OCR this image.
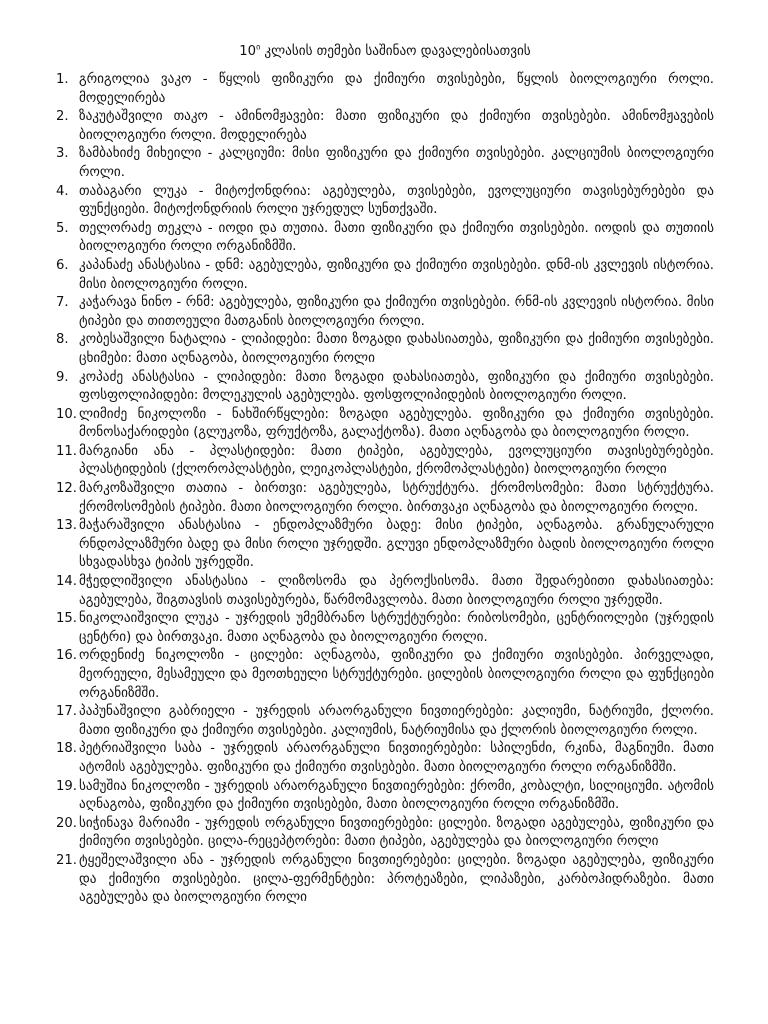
$10^ი$ კლასის თემები საშინაო დავალებისათვის
1. გრიგოლია ვაკო - წყლის ფიზიკური და ქიმიური თვისებები, წყლის ბიოლოგიური როლი. მოდელირება
2. ზაკუტაშვილი თაკო - ამინომჟავები: მათი ფიზიკური და ქიმიური თვისებები. ამინომჟავების ბიოლოგიური როლი. მოდელირება
3. ზამბახიძე მიხეილი - კალციუმი: მისი ფიზიკური და ქიმიური თვისებები. კალციუმის ბიოლოგიური როლი.
4. თაბაგარი ლუკა - მიტოქონდრია: აგებულება, თვისებები, ევოლუციური თავისებურებები და ფუნქციები. მიტოქონდრიის როლი უჯრედულ სუნთქვაში.
5. თელორაძე თეკლა - იოდი და თუთია. მათი ფიზიკური და ქიმიური თვისებები. იოდის და თუთიის ბიოლოგიური როლი ორგანიზმში.
6. კაპანაძე ანასტასია - დნმ: აგებულება, ფიზიკური და ქიმიური თვისებები. დნმ-ის კვლევის ისტორია. მისი ბიოლოგიური როლი.
7. კაჭარავა ნინო - რნმ: აგებულება, ფიზიკური და ქიმიური თვისებები. რნმ-ის კვლევის ისტორია. მისი ტიპები და თითოეული მათგანის ბიოლოგიური როლი.
8. კობესაშვილი ნატალია - ლიპიდები: მათი ზოგადი დახასიათება, ფიზიკური და ქიმიური თვისებები. ცხიმები: მათი აღნაგობა, ბიოლოგიური როლი
9. კოპაძე ანასტასია - ლიპიდები: მათი ზოგადი დახასიათება, ფიზიკური და ქიმიური თვისებები. ფოსფოლიპიდები: მოლეკულის აგებულება. ფოსფოლიპიდების ბიოლოგიური როლი.
10. ლიმიძე ნიკოლოზი - ნახშირწყლები: ზოგადი აგებულება. ფიზიკური და ქიმიური თვისებები. მონოსაქარიდები (გლუკოზა, ფრუქტოზა, გალაქტოზა). მათი აღნაგობა და ბიოლოგიური როლი.
11. მარგიანი ანა - პლასტიდები: მათი ტიპები, აგებულება, ევოლუციური თავისებურებები. პლასტიდების (ქლოროპლასტები, ლეიკოპლასტები, ქრომოპლასტები) ბიოლოგიური როლი
12. მარკოზაშვილი თათია - ბირთვი: აგებულება, სტრუქტურა. ქრომოსომები: მათი სტრუქტურა. ქრომოსომების ტიპები. მათი ბიოლოგიური როლი. ბირთვაკი აღნაგობა და ბიოლოგიური როლი.
13. მაჭარაშვილი ანასტასია - ენდოპლაზმური ბადე: მისი ტიპები, აღნაგობა. გრანულარული რნდოპლაზმური ბადე და მისი როლი უჯრედში. გლუვი ენდოპლაზმური ბადის ბიოლოგიური როლი სხვადასხვა ტიპის უჯრედში.
14. მჭედლიშვილი ანასტასია - ლიზოსომა და პეროქსისომა. მათი შედარებითი დახასიათება: აგებულება, შიგთავსის თავისებურება, წარმომავლობა. მათი ბიოლოგიური როლი უჯრედში.
15. ნიკოლაიშვილი ლუკა - უჯრედის უმემბრანო სტრუქტურები: რიბოსომები, ცენტრიოლები (უჯრედის ცენტრი) და ბირთვაკი. მათი აღნაგობა და ბიოლოგიური როლი.
16. ორდენიძე ნიკოლოზი - ცილები: აღნაგობა, ფიზიკური და ქიმიური თვისებები. პირველადი, მეორეული, მესამეული და მეოთხეული სტრუქტურები. ცილების ბიოლოგიური როლი და ფუნქციები ორგანიზმში.
17. პაპუნაშვილი გაბრიელი - უჯრედის არაორგანული ნივთიერებები: კალიუმი, ნატრიუმი, ქლორი. მათი ფიზიკური და ქიმიური თვისებები. კალიუმის, ნატრიუმისა და ქლორის ბიოლოგიური როლი.
18. პეტრიაშვილი საბა - უჯრედის არაორგანული ნივთიერებები: სპილენძი, რკინა, მაგნიუმი. მათი ატომის აგებულება. ფიზიკური და ქიმიური თვისებები. მათი ბიოლოგიური როლი ორგანიზმში.
19. სამუშია ნიკოლოზი - უჯრედის არაორგანული ნივთიერებები: ქრომი, კობალტი, სილიციუმი. ატომის აღნაგობა, ფიზიკური და ქიმიური თვისებები, მათი ბიოლოგიური როლი ორგანიზმში.
20. სიჭინავა მარიამი - უჯრედის ორგანული ნივთიერებები: ცილები. ზოგადი აგებულება, ფიზიკური და ქიმიური თვისებები. ცილა-რეცეპტორები: მათი ტიპები, აგებულება და ბიოლოგიური როლი
21. ტყეშელაშვილი ანა - უჯრედის ორგანული ნივთიერებები: ცილები. ზოგადი აგებულება, ფიზიკური და ქიმიური თვისებები. ცილა-ფერმენტები: პროტეაზები, ლიპაზები, კარბოჰიდრაზები. მათი აგებულება და ბიოლოგიური როლი
